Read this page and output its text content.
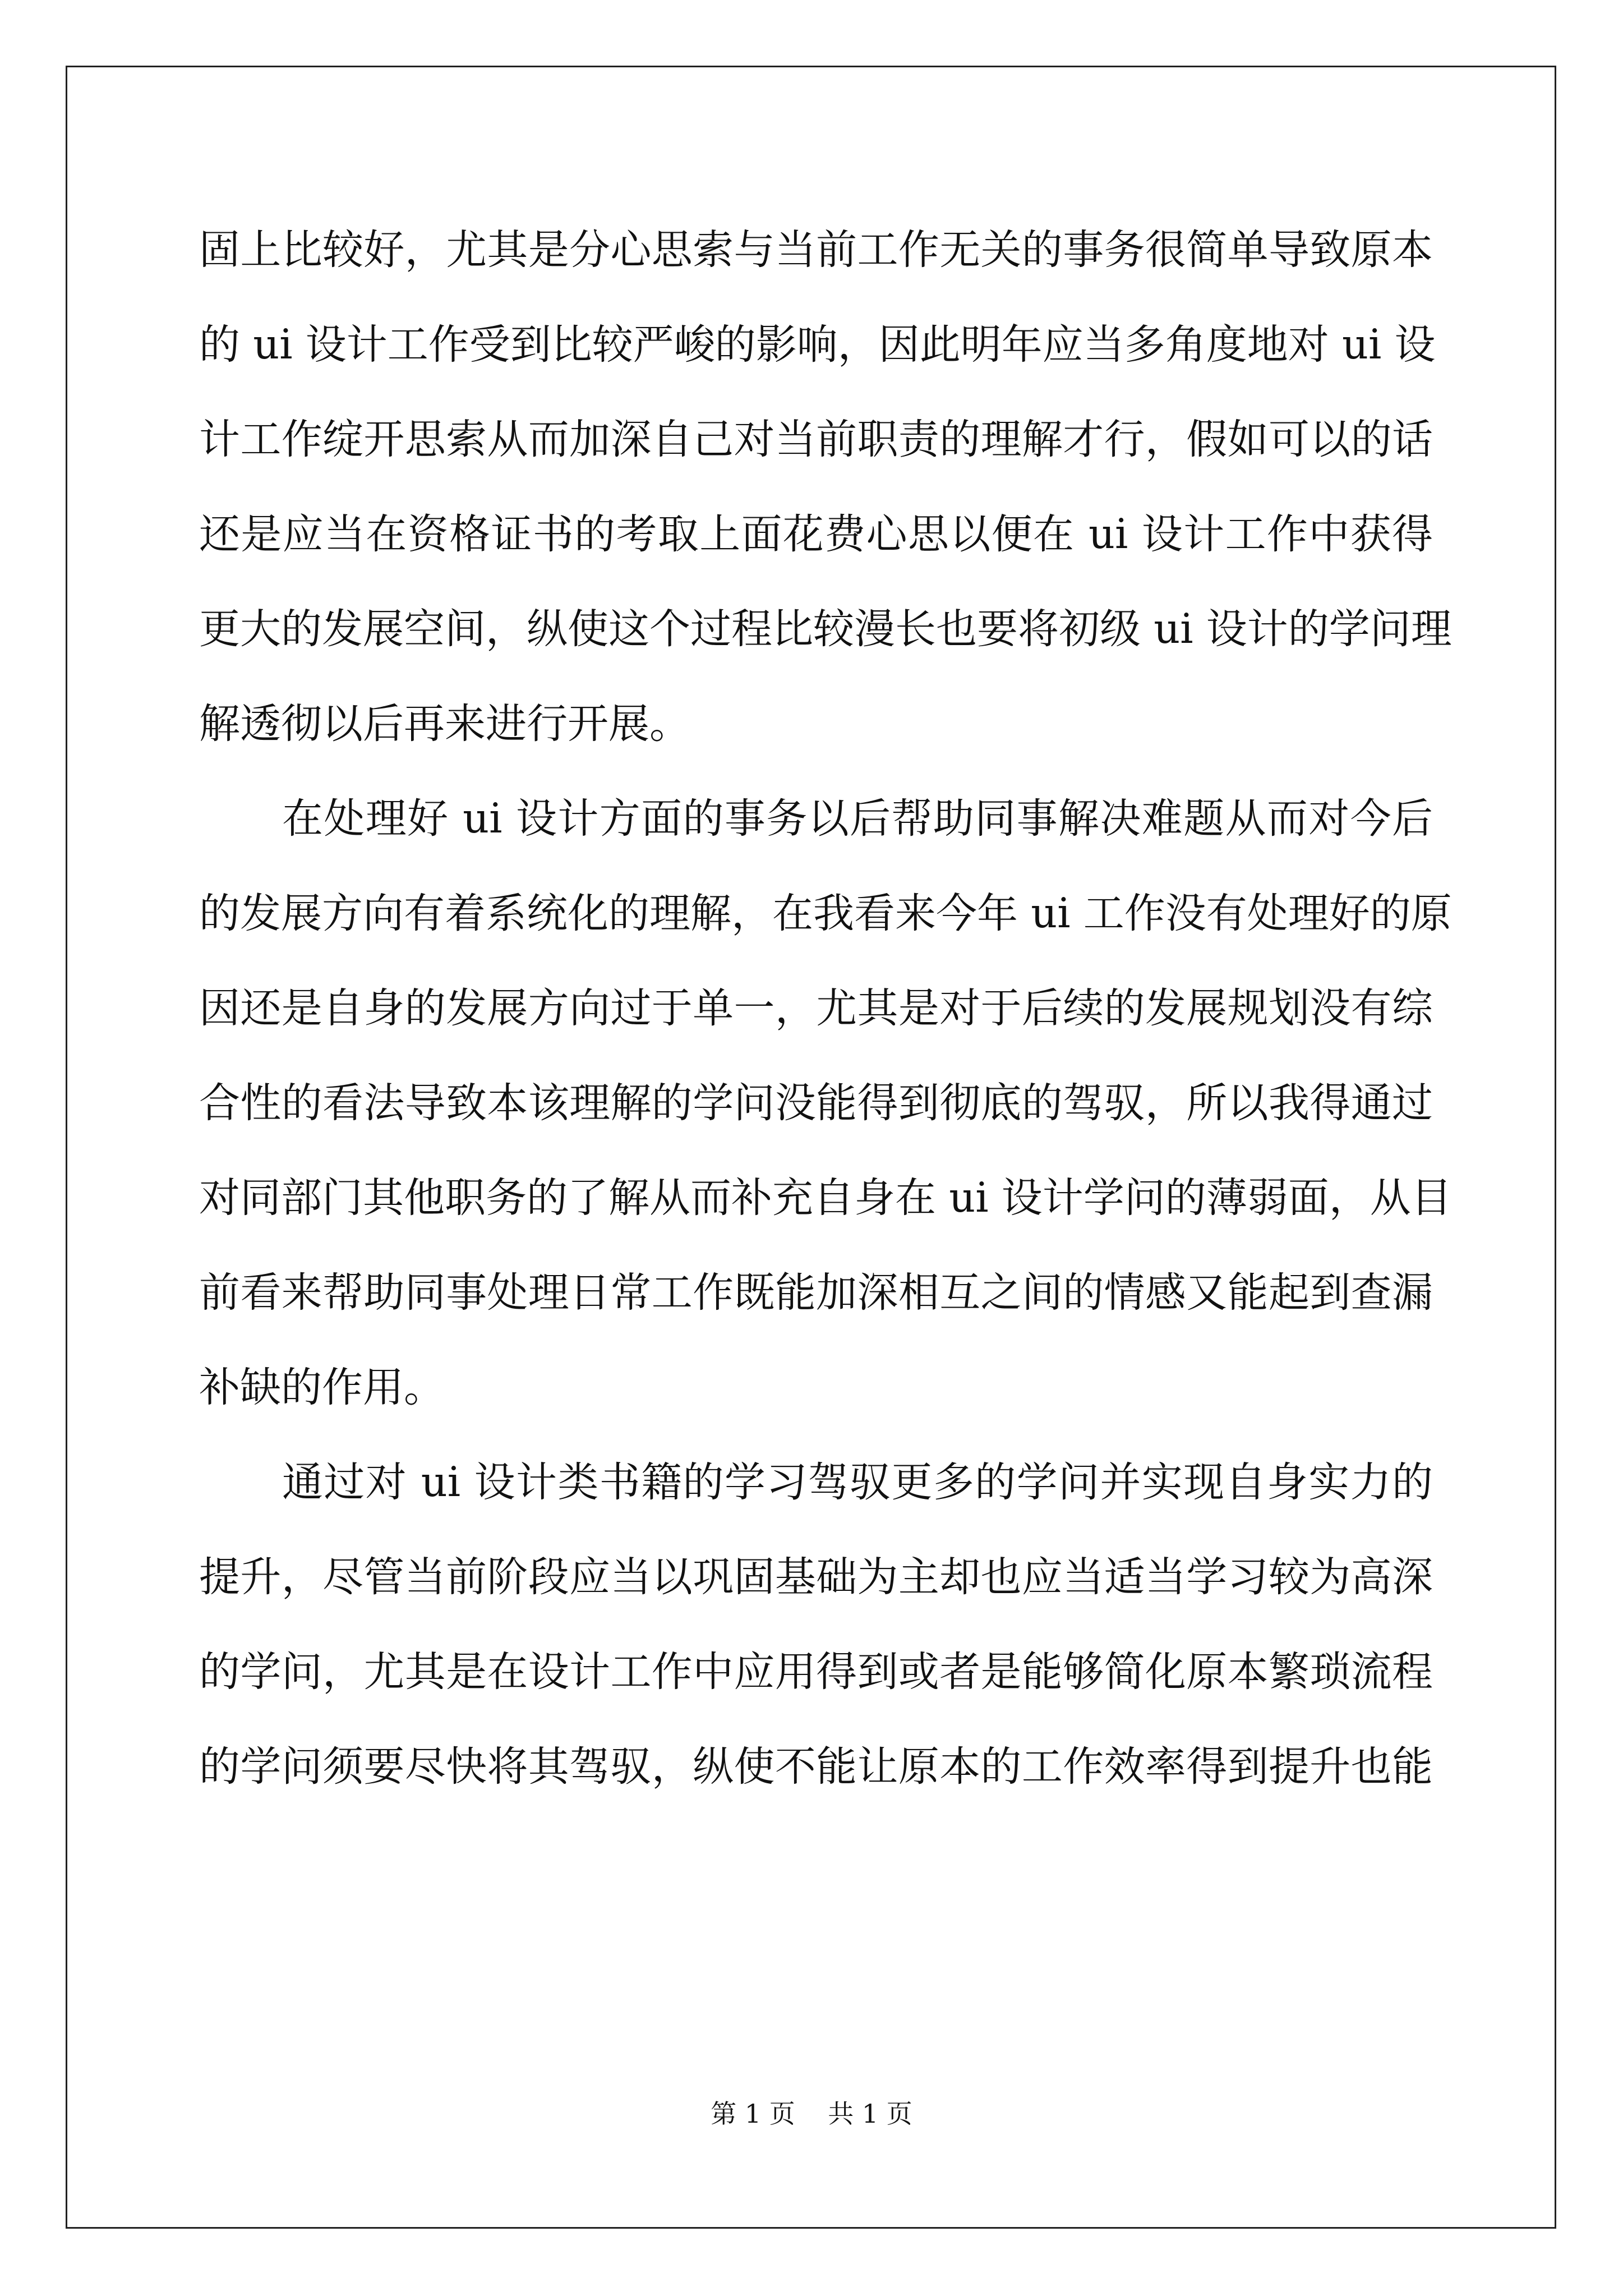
固上比较好，尤其是分心思索与当前工作无关的事务很简单导致原本
的 ui 设计工作受到比较严峻的影响，因此明年应当多角度地对 ui 设
计工作绽开思索从而加深自己对当前职责的理解才行，假如可以的话
还是应当在资格证书的考取上面花费心思以便在 ui 设计工作中获得
更大的发展空间，纵使这个过程比较漫长也要将初级 ui 设计的学问理
解透彻以后再来进行开展。
在处理好 ui 设计方面的事务以后帮助同事解决难题从而对今后
的发展方向有着系统化的理解，在我看来今年 ui 工作没有处理好的原
因还是自身的发展方向过于单一，尤其是对于后续的发展规划没有综
合性的看法导致本该理解的学问没能得到彻底的驾驭，所以我得通过
对同部门其他职务的了解从而补充自身在 ui 设计学问的薄弱面，从目
前看来帮助同事处理日常工作既能加深相互之间的情感又能起到查漏
补缺的作用。
通过对 ui 设计类书籍的学习驾驭更多的学问并实现自身实力的
提升，尽管当前阶段应当以巩固基础为主却也应当适当学习较为高深
的学问，尤其是在设计工作中应用得到或者是能够简化原本繁琐流程
的学问须要尽快将其驾驭，纵使不能让原本的工作效率得到提升也能
第 1 页 共 1 页
